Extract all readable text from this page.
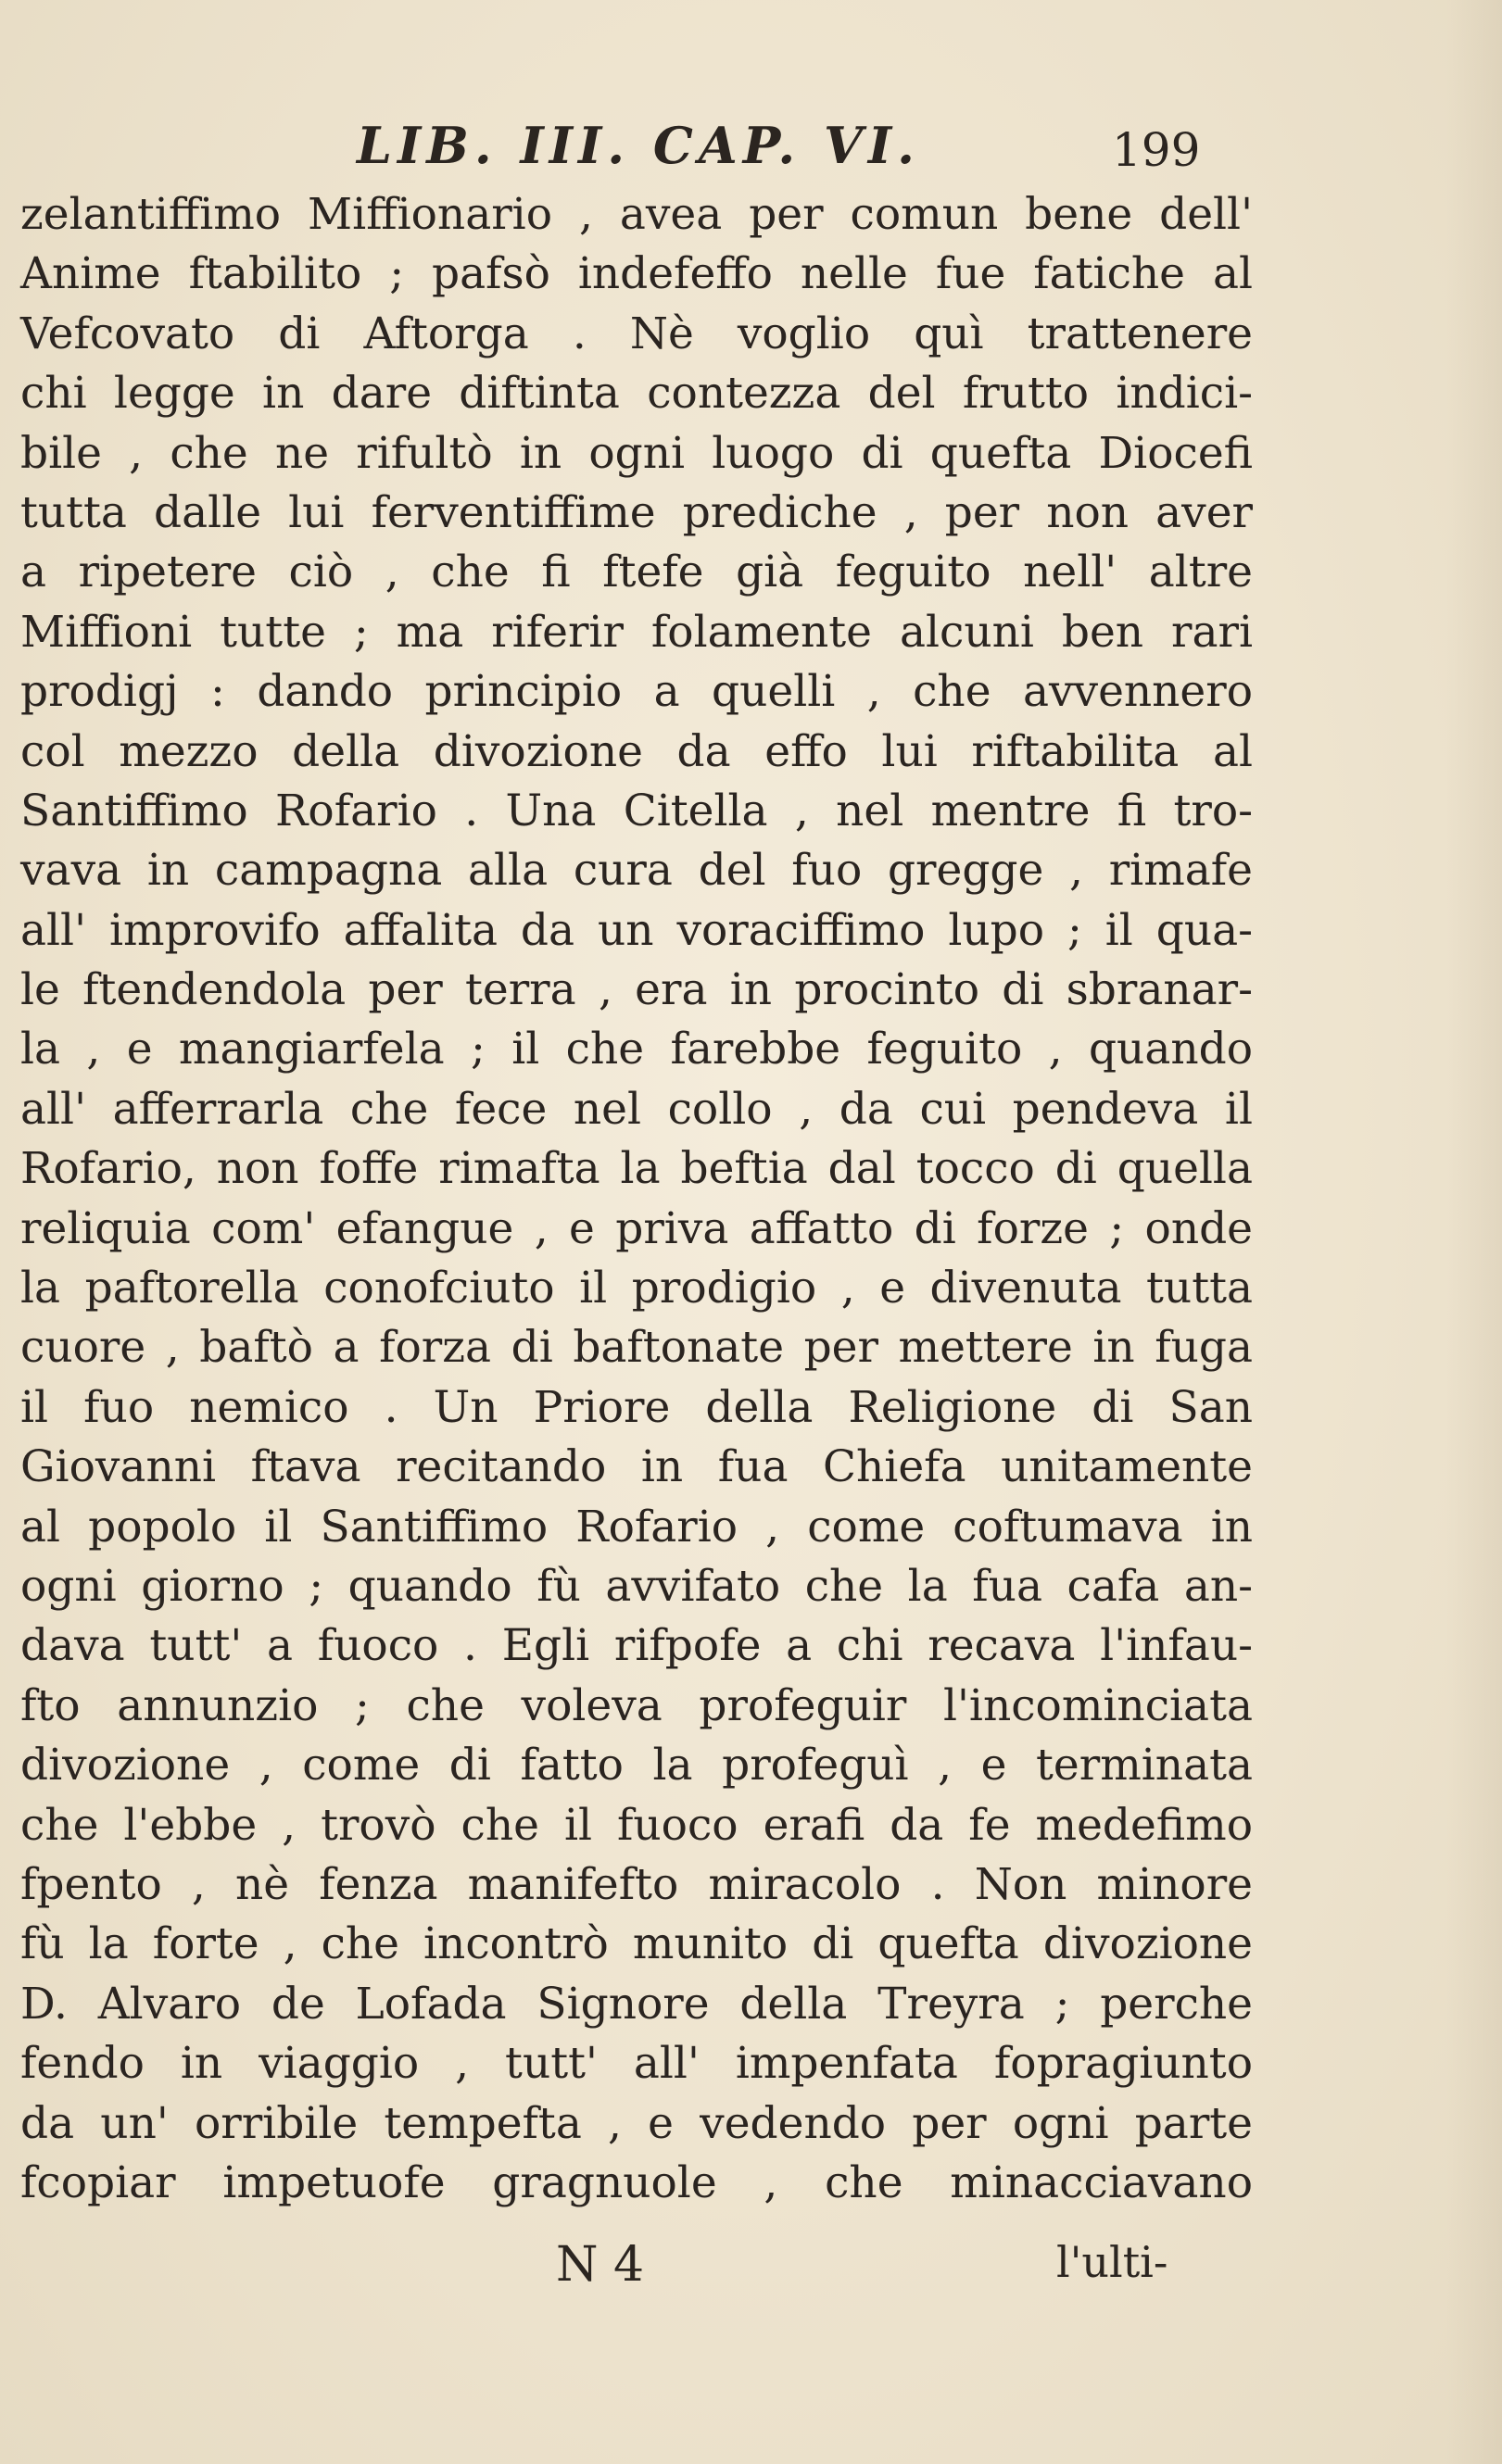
LIB. III. CAP. VI.	199
zelantiffimo Miffionario , avea per comun bene dell'
Anime ftabilito ; pafsò indefeffo nelle fue fatiche al
Vefcovato di Aftorga . Nè voglio quì trattenere
chi legge in dare diftinta contezza del frutto indici-
bile , che ne rifultò in ogni luogo di quefta Diocefi
tutta dalle lui ferventiffime prediche , per non aver
a ripetere ciò , che fi ftefe già feguito nell' altre
Miffioni tutte ; ma riferir folamente alcuni ben rari
prodigj : dando principio a quelli , che avvennero
col mezzo della divozione da effo lui riftabilita al
Santiffimo Rofario . Una Citella , nel mentre fi tro-
vava in campagna alla cura del fuo gregge , rimafe
all' improvifo affalita da un voraciffimo lupo ; il qua-
le ftendendola per terra , era in procinto di sbranar-
la , e mangiarfela ; il che farebbe feguito , quando
all' afferrarla che fece nel collo , da cui pendeva il
Rofario, non foffe rimafta la beftia dal tocco di quella
reliquia com' efangue , e priva affatto di forze ; onde
la paftorella conofciuto il prodigio , e divenuta tutta
cuore , baftò a forza di baftonate per mettere in fuga
il fuo nemico . Un Priore della Religione di San
Giovanni ftava recitando in fua Chiefa unitamente
al popolo il Santiffimo Rofario , come coftumava in
ogni giorno ; quando fù avvifato che la fua cafa an-
dava tutt' a fuoco . Egli rifpofe a chi recava l'infau-
fto annunzio ; che voleva profeguir l'incominciata
divozione , come di fatto la profeguì , e terminata
che l'ebbe , trovò che il fuoco erafi da fe medefimo
fpento , nè fenza manifefto miracolo . Non minore
fù la forte , che incontrò munito di quefta divozione
D. Alvaro de Lofada Signore della Treyra ; perche
fendo in viaggio , tutt' all' impenfata fopragiunto
da un' orribile tempefta , e vedendo per ogni parte
fcopiar impetuofe gragnuole , che minacciavano
N 4	l'ulti-
